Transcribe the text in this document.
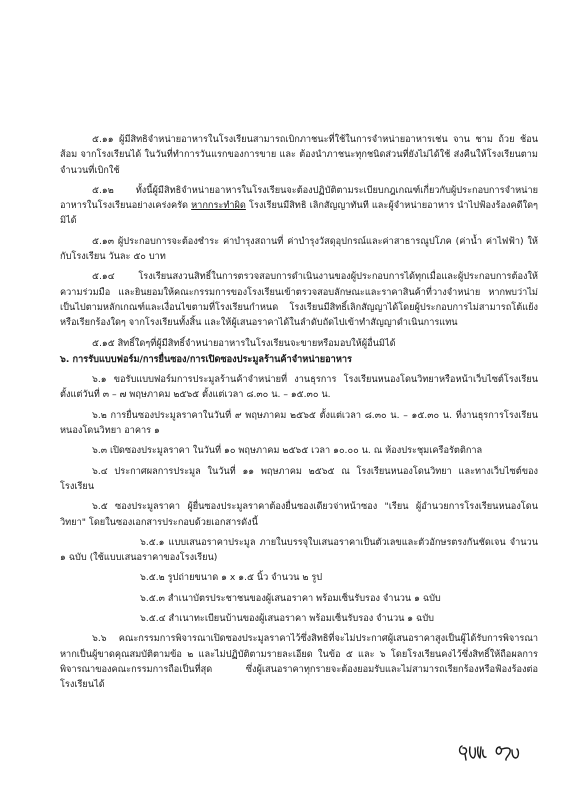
๕.๑๑ ผู้มีสิทธิจำหน่ายอาหารในโรงเรียนสามารถเบิกภาชนะที่ใช้ในการจำหน่ายอาหารเช่น จาน ชาม ถ้วย ช้อน ส้อม จากโรงเรียนได้ ในวันที่ทำการวันแรกของการขาย และ ต้องนำภาชนะทุกชนิดส่วนที่ยังไม่ได้ใช้ ส่งคืนให้โรงเรียนตามจำนวนที่เบิกใช้

๕.๑๒ ทั้งนี้ผู้มีสิทธิจำหน่ายอาหารในโรงเรียนจะต้องปฏิบัติตามระเบียบกฎเกณฑ์เกี่ยวกับผู้ประกอบการจำหน่ายอาหารในโรงเรียนอย่างเคร่งครัด หากกระทำผิด โรงเรียนมีสิทธิ เลิกสัญญาทันที และผู้จำหน่ายอาหาร นำไปฟ้องร้องคดีใดๆ มิได้

๕.๑๓ ผู้ประกอบการจะต้องชำระ ค่าบำรุงสถานที่ ค่าบำรุงวัสดุอุปกรณ์และค่าสาธารณูปโภค (ค่าน้ำ ค่าไฟฟ้า) ให้กับโรงเรียน วันละ ๕๐ บาท

๕.๑๔ โรงเรียนสงวนสิทธิ์ในการตรวจสอบการดำเนินงานของผู้ประกอบการได้ทุกเมื่อและผู้ประกอบการต้องให้ความร่วมมือ และยินยอมให้คณะกรรมการของโรงเรียนเข้าตรวจสอบลักษณะและราคาสินค้าที่วางจำหน่าย หากพบว่าไม่เป็นไปตามหลักเกณฑ์และเงื่อนไขตามที่โรงเรียนกำหนด โรงเรียนมีสิทธิ์เลิกสัญญาได้โดยผู้ประกอบการไม่สามารถโต้แย้งหรือเรียกร้องใดๆ จากโรงเรียนทั้งสิ้น และให้ผู้เสนอราคาได้ในลำดับถัดไปเข้าทำสัญญาดำเนินการแทน

๕.๑๕ สิทธิ์ใดๆที่ผู้มีสิทธิ์จำหน่ายอาหารในโรงเรียนจะขายหรือมอบให้ผู้อื่นมิได้

๖. การรับแบบฟอร์ม/การยื่นซอง/การเปิดซองประมูลร้านค้าจำหน่ายอาหาร

๖.๑ ขอรับแบบฟอร์มการประมูลร้านค้าจำหน่ายที่ งานธุรการ โรงเรียนหนองโดนวิทยาหรือหน้าเว็บไซต์โรงเรียนตั้งแต่วันที่ ๓ – ๗ พฤษภาคม ๒๕๖๕ ตั้งแต่เวลา ๘.๓๐ น. – ๑๕.๓๐ น.

๖.๒ การยื่นซองประมูลราคาในวันที่ ๙ พฤษภาคม ๒๕๖๕ ตั้งแต่เวลา ๘.๓๐ น. – ๑๕.๓๐ น. ที่งานธุรการโรงเรียนหนองโดนวิทยา อาคาร ๑

๖.๓ เปิดซองประมูลราคา ในวันที่ ๑๐ พฤษภาคม ๒๕๖๕ เวลา ๑๐.๐๐ น. ณ ห้องประชุมเครือรัตติกาล

๖.๔ ประกาศผลการประมูล ในวันที่ ๑๑ พฤษภาคม ๒๕๖๕ ณ โรงเรียนหนองโดนวิทยา และทางเว็บไซต์ของโรงเรียน

๖.๕ ซองประมูลราคา ผู้ยื่นซองประมูลราคาต้องยื่นซองเดียวจ่าหน้าซอง "เรียน ผู้อำนวยการโรงเรียนหนองโดนวิทยา" โดยในซองเอกสารประกอบด้วยเอกสารดังนี้

๖.๕.๑ แบบเสนอราคาประมูล ภายในบรรจุใบเสนอราคาเป็นตัวเลขและตัวอักษรตรงกันชัดเจน จำนวน ๑ ฉบับ (ใช้แบบเสนอราคาของโรงเรียน)

๖.๕.๒ รูปถ่ายขนาด ๑ x ๑.๕ นิ้ว จำนวน ๒ รูป

๖.๕.๓ สำเนาบัตรประชาชนของผู้เสนอราคา พร้อมเซ็นรับรอง จำนวน ๑ ฉบับ

๖.๕.๔ สำเนาทะเบียนบ้านของผู้เสนอราคา พร้อมเซ็นรับรอง จำนวน ๑ ฉบับ

๖.๖ คณะกรรมการพิจารณาเปิดซองประมูลราคาไว้ซึ่งสิทธิที่จะไม่ประกาศผู้เสนอราคาสูงเป็นผู้ได้รับการพิจารณา หากเป็นผู้ขาดคุณสมบัติตามข้อ ๒ และไม่ปฏิบัติตามรายละเอียด ในข้อ ๕ และ ๖ โดยโรงเรียนคงไว้ซึ่งสิทธิ์ให้ถือผลการพิจารณาของคณะกรรมการถือเป็นที่สุด ซึ่งผู้เสนอราคาทุกรายจะต้องยอมรับและไม่สามารถเรียกร้องหรือฟ้องร้องต่อโรงเรียนได้
